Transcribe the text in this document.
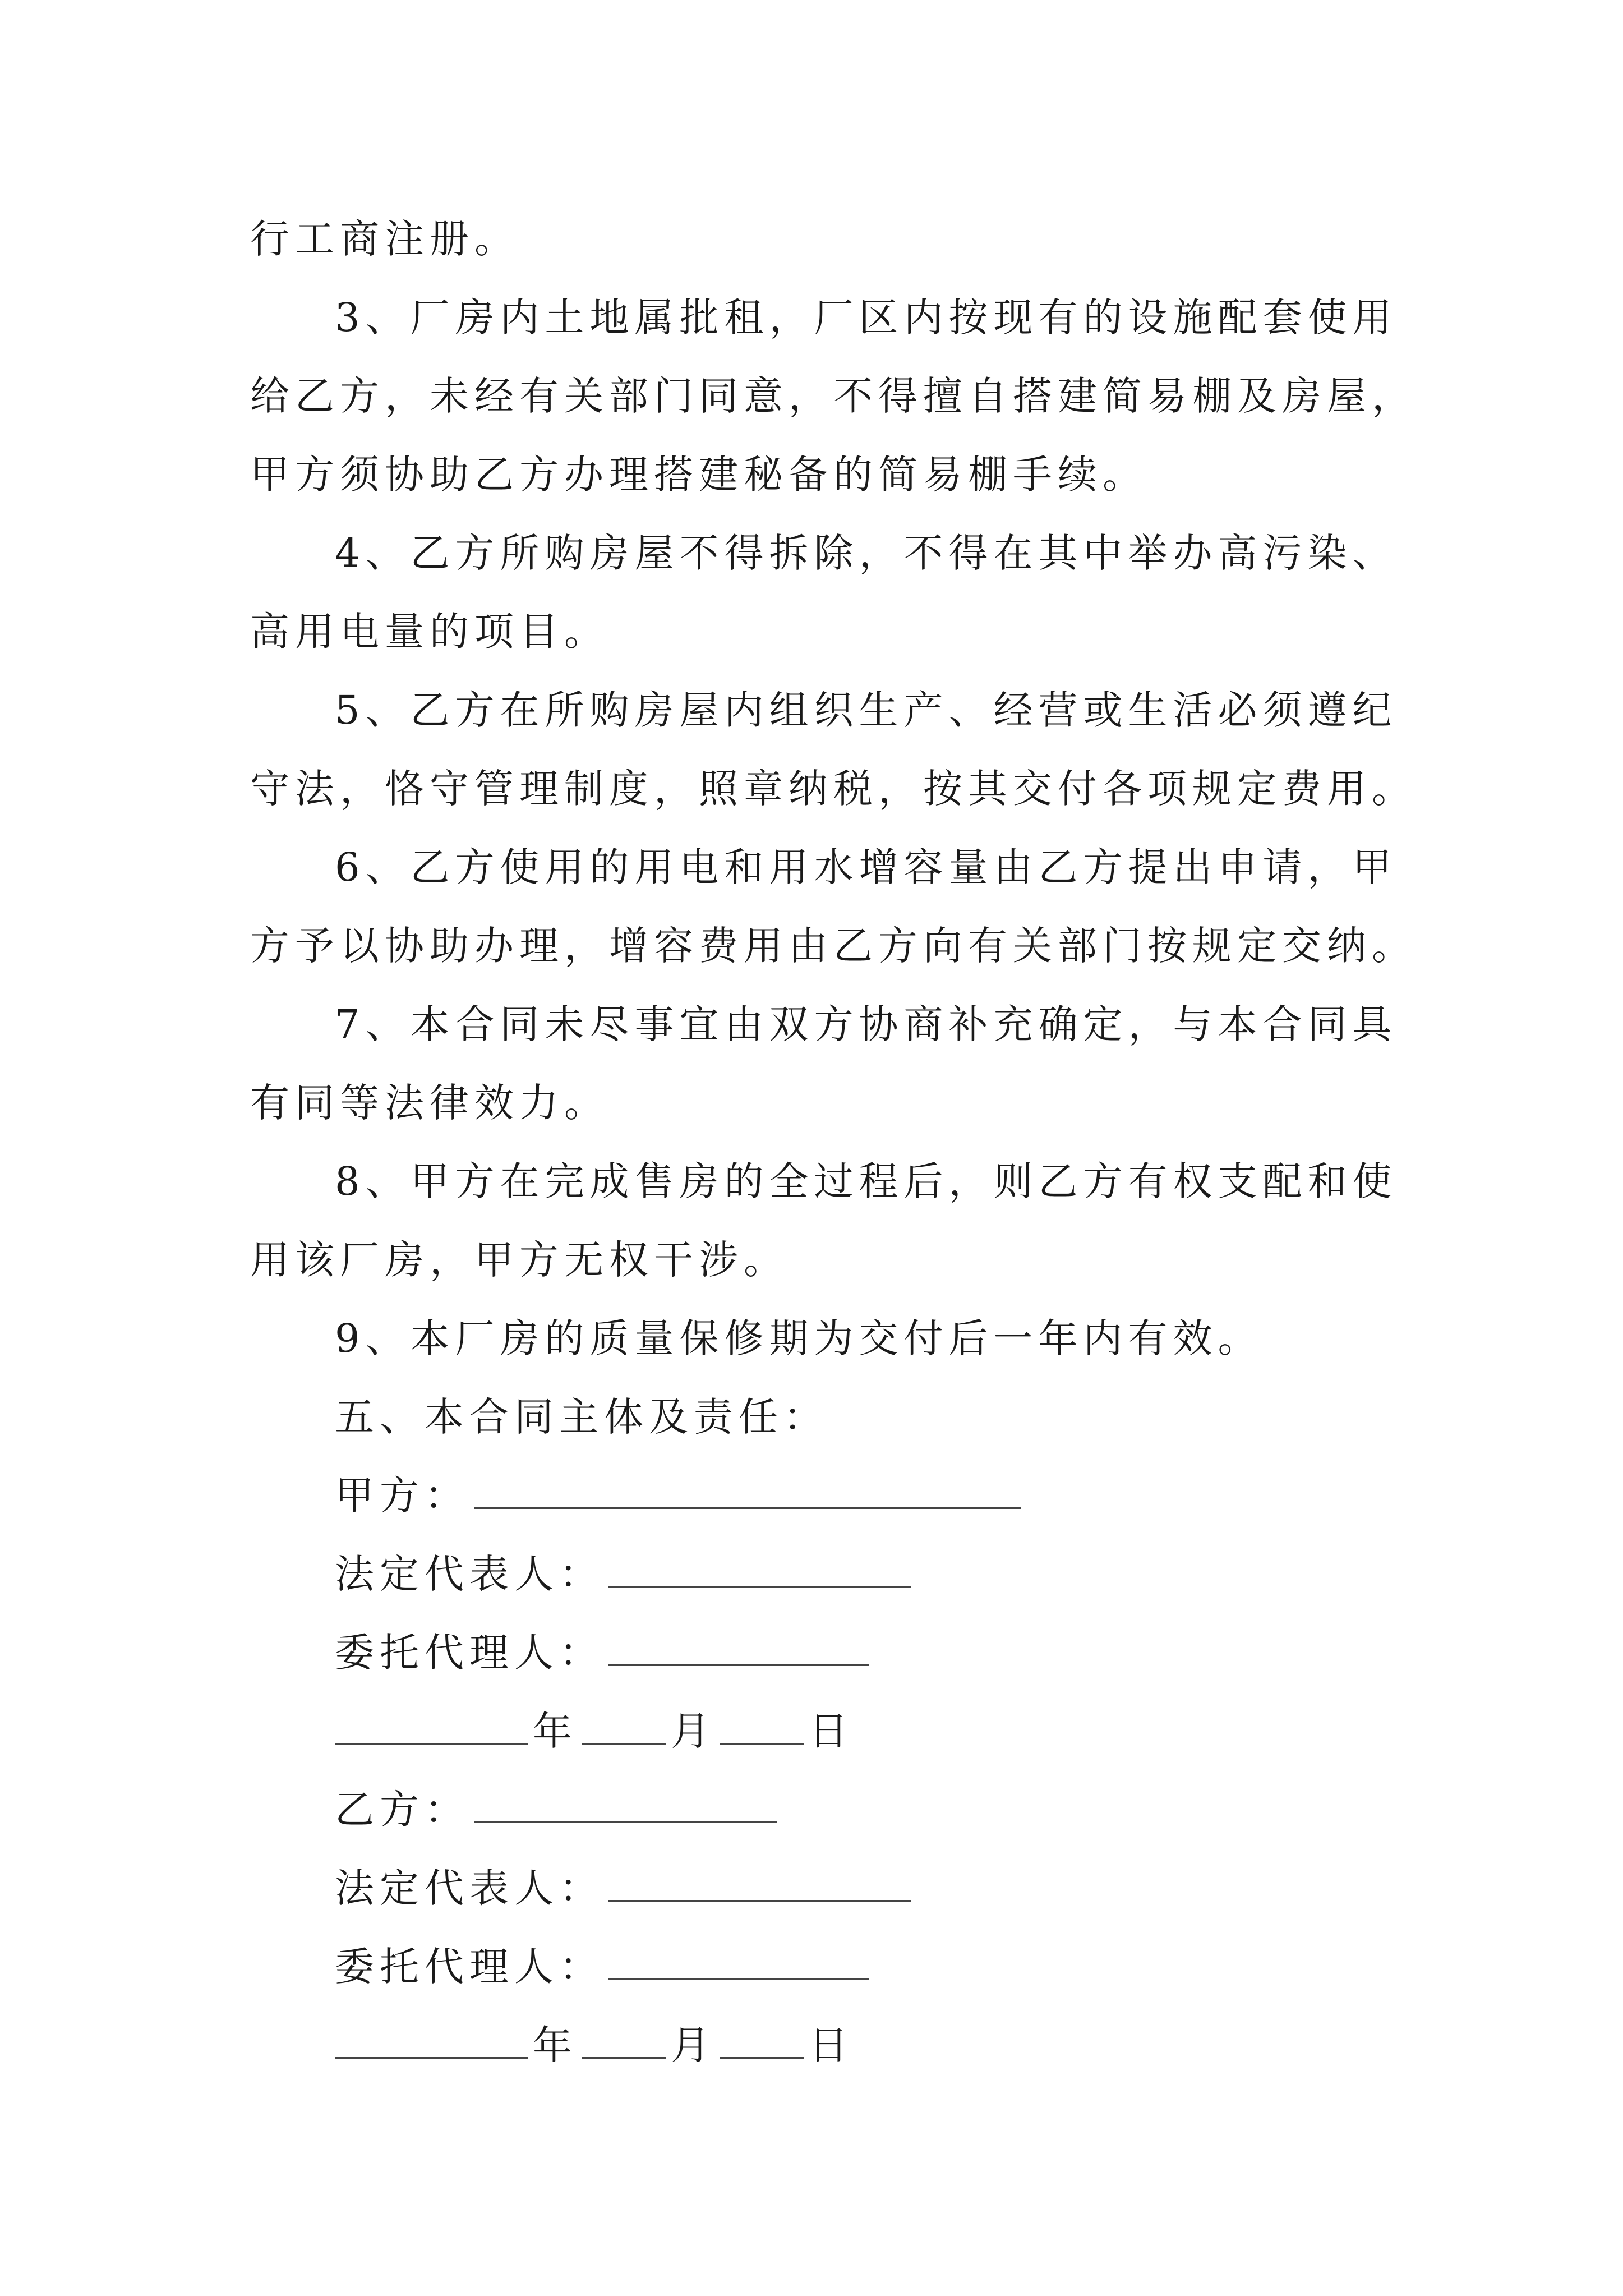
行工商注册。
3、厂房内土地属批租，厂区内按现有的设施配套使用
给乙方，未经有关部门同意，不得擅自搭建简易棚及房屋，
甲方须协助乙方办理搭建秘备的简易棚手续。
4、乙方所购房屋不得拆除，不得在其中举办高污染、
高用电量的项目。
5、乙方在所购房屋内组织生产、经营或生活必须遵纪
守法，恪守管理制度，照章纳税，按其交付各项规定费用。
6、乙方使用的用电和用水增容量由乙方提出申请，甲
方予以协助办理，增容费用由乙方向有关部门按规定交纳。
7、本合同未尽事宜由双方协商补充确定，与本合同具
有同等法律效力。
8、甲方在完成售房的全过程后，则乙方有权支配和使
用该厂房，甲方无权干涉。
9、本厂房的质量保修期为交付后一年内有效。
五、本合同主体及责任：
甲方：
法定代表人：
委托代理人：
年 月 日
乙方：
法定代表人：
委托代理人：
年 月 日
